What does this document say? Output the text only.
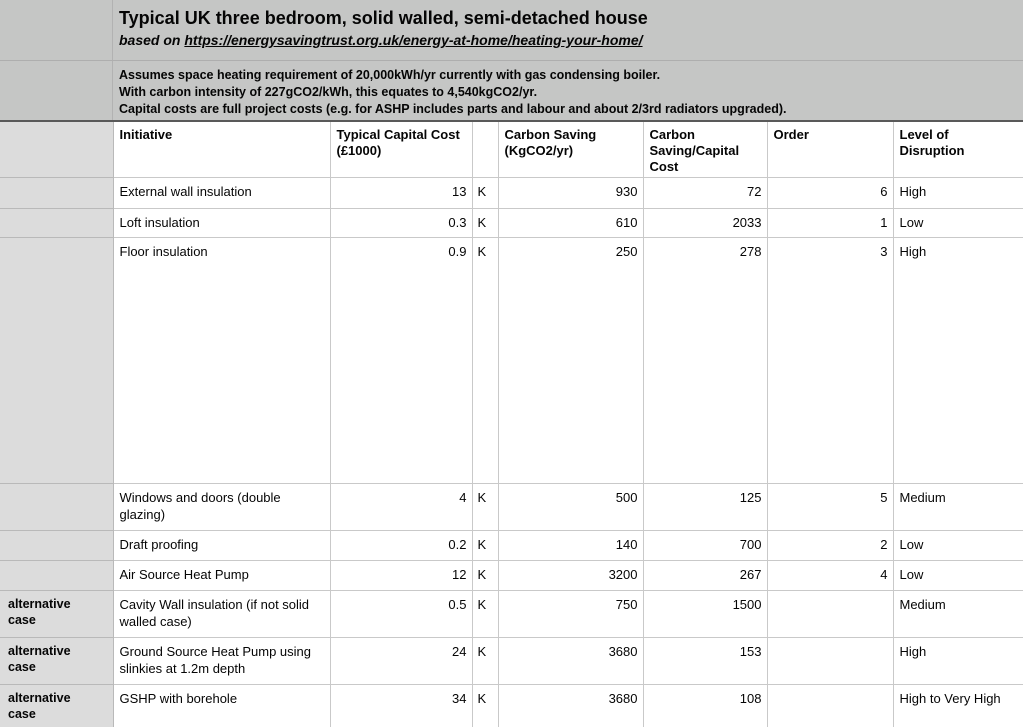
Typical UK three bedroom, solid walled, semi-detached house
based on https://energysavingtrust.org.uk/energy-at-home/heating-your-home/
Assumes space heating requirement of 20,000kWh/yr currently with gas condensing boiler.
With carbon intensity of 227gCO2/kWh, this equates to 4,540kgCO2/yr.
Capital costs are full project costs (e.g. for ASHP includes parts and labour and about 2/3rd radiators upgraded).
	Initiative	Typical Capital Cost (£1000)		Carbon Saving (KgCO2/yr)	Carbon Saving/Capital Cost	Order	Level of Disruption
	External wall insulation	13	K	930	72	6	High
	Loft insulation	0.3	K	610	2033	1	Low
	Floor insulation	0.9	K	250	278	3	High
	Windows and doors (double glazing)	4	K	500	125	5	Medium
	Draft proofing	0.2	K	140	700	2	Low
	Air Source Heat Pump	12	K	3200	267	4	Low
alternative case	Cavity Wall insulation (if not solid walled case)	0.5	K	750	1500		Medium
alternative case	Ground Source Heat Pump using slinkies at 1.2m depth	24	K	3680	153		High
alternative case	GSHP with borehole	34	K	3680	108		High to Very High
